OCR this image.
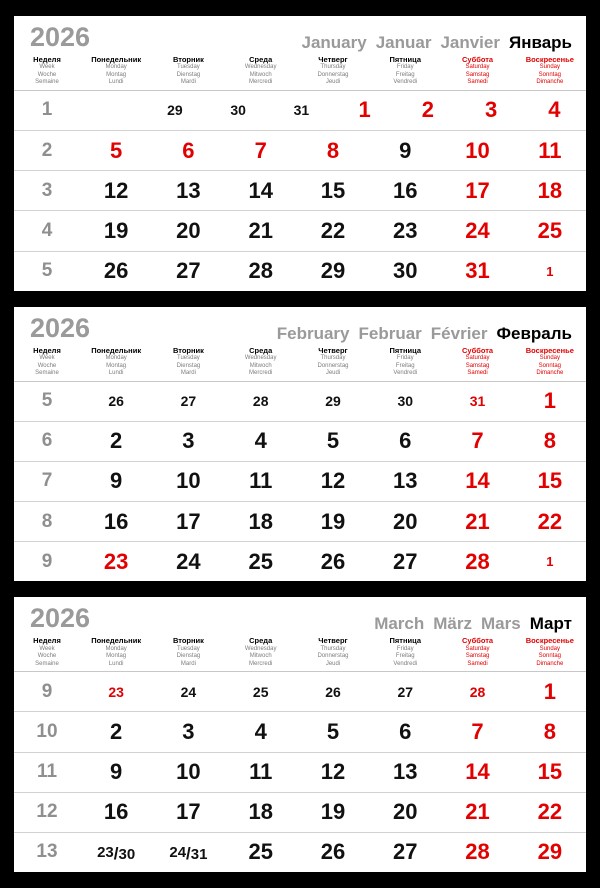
2026	January Januar Janvier Январь
Неделя
Week
Woche
Semaine
Понедельник
Monday
Montag
Lundi
Вторник
Tuesday
Dienstag
Mardi
Среда
Wednesday
Mitwoch
Mercredi
Четверг
Thursday
Donnerstag
Jeudi
Пятница
Friday
Freitag
Vendredi
Суббота
Saturday
Samstag
Samedi
Воскресенье
Sunday
Sonntag
Dimanche
1	29	30	31	1	2	3	4
2	5	6	7	8	9	10	11
3	12	13	14	15	16	17	18
4	19	20	21	22	23	24	25
5	26	27	28	29	30	31	1
2026	February Februar Février Февраль
Неделя
Week
Woche
Semaine
Понедельник
Monday
Montag
Lundi
Вторник
Tuesday
Dienstag
Mardi
Среда
Wednesday
Mitwoch
Mercredi
Четверг
Thursday
Donnerstag
Jeudi
Пятница
Friday
Freitag
Vendredi
Суббота
Saturday
Samstag
Samedi
Воскресенье
Sunday
Sonntag
Dimanche
5	26	27	28	29	30	31	1
6	2	3	4	5	6	7	8
7	9	10	11	12	13	14	15
8	16	17	18	19	20	21	22
9	23	24	25	26	27	28	1
2026	March März Mars Март
Неделя
Week
Woche
Semaine
Понедельник
Monday
Montag
Lundi
Вторник
Tuesday
Dienstag
Mardi
Среда
Wednesday
Mitwoch
Mercredi
Четверг
Thursday
Donnerstag
Jeudi
Пятница
Friday
Freitag
Vendredi
Суббота
Saturday
Samstag
Samedi
Воскресенье
Sunday
Sonntag
Dimanche
9	23	24	25	26	27	28	1
10	2	3	4	5	6	7	8
11	9	10	11	12	13	14	15
12	16	17	18	19	20	21	22
13	23/30	24/31	25	26	27	28	29
